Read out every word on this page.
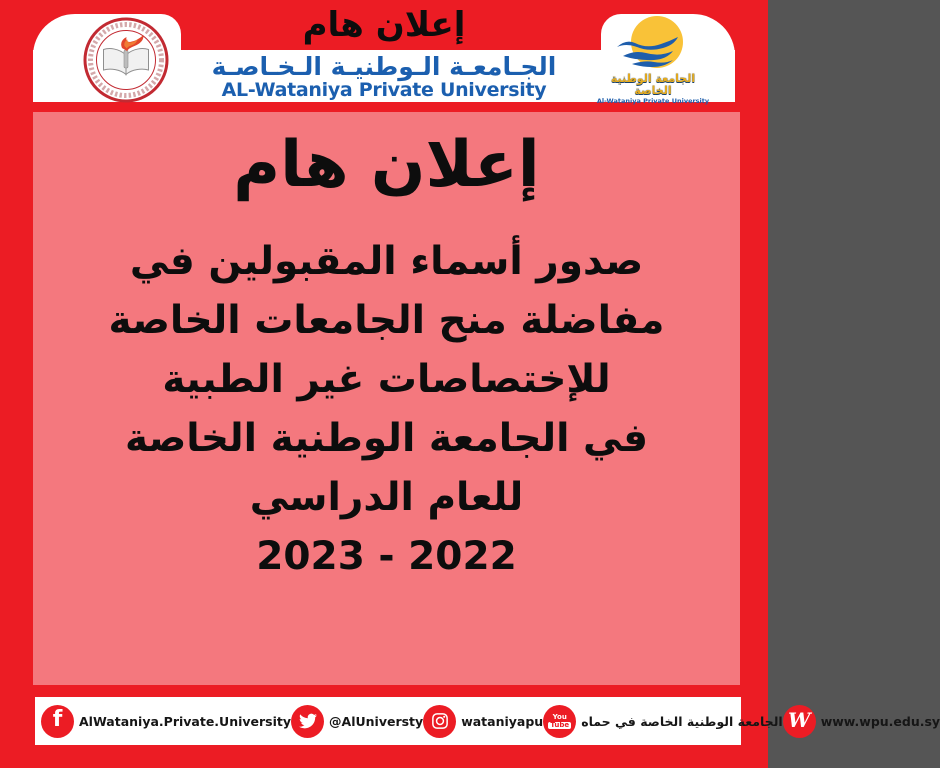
إعلان هام
الجـامعـة الـوطنيـة الـخـاصـة
AL-Wataniya Private University
الجامعة الوطنية الخاصة
Al-Wataniya Private University
إعلان هام
صدور أسماء المقبولين في
مفاضلة منح الجامعات الخاصة
للإختصاصات غير الطبية
في الجامعة الوطنية الخاصة
للعام الدراسي
2022 - 2023
f AlWataniya.Private.University	@AlUniversty	wataniyapu You
Tube الجامعة الوطنية الخاصة في حماه W www.wpu.edu.sy
